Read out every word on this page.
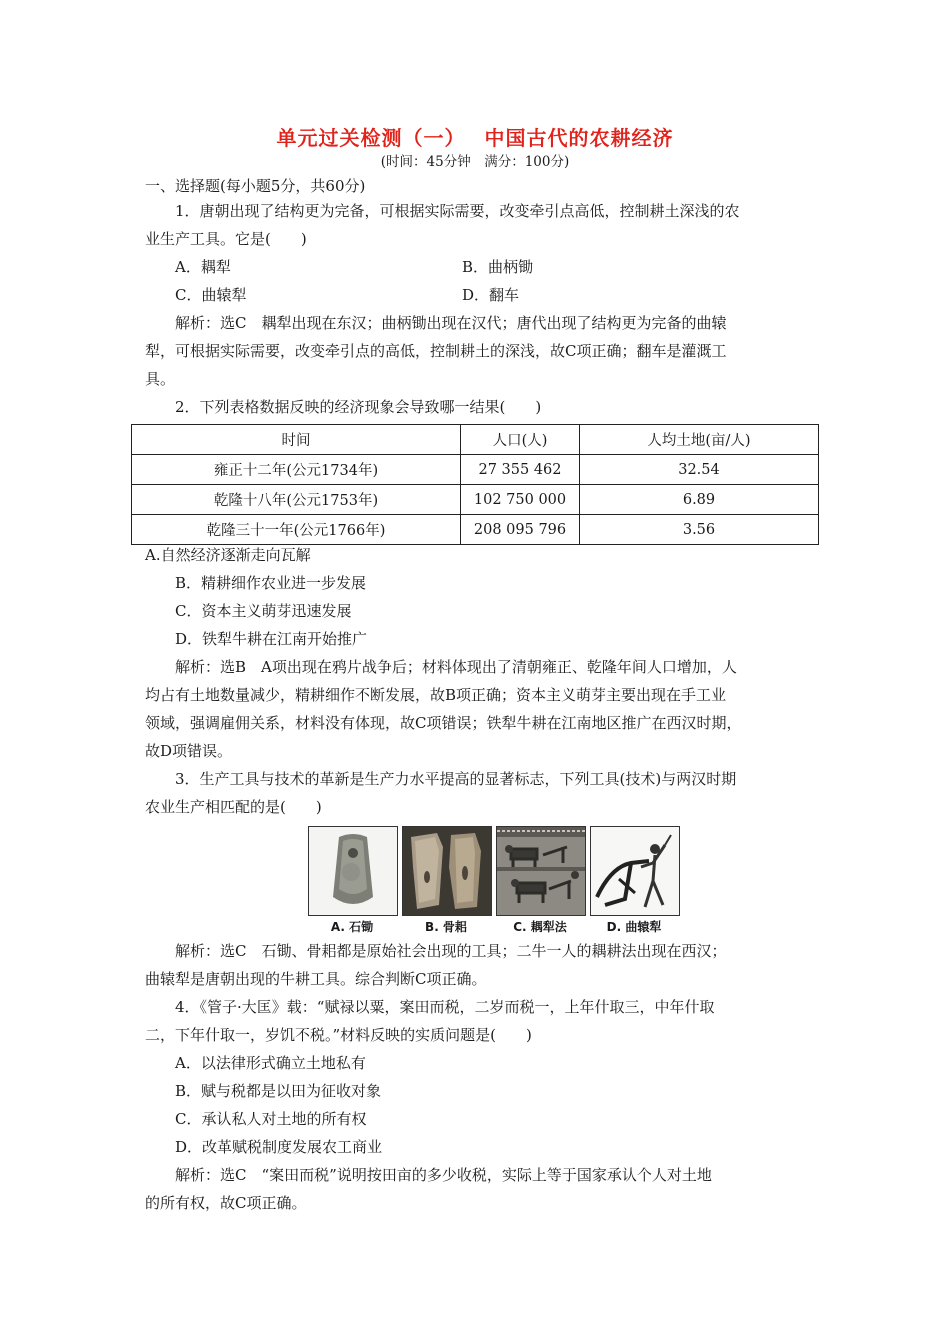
单元过关检测（一）　 中国古代的农耕经济
(时间：45分钟　满分：100分)
一、选择题(每小题5分，共60分)
1．唐朝出现了结构更为完备，可根据实际需要，改变牵引点高低，控制耕土深浅的农
业生产工具。它是(　　)
A．耦犁	B．曲柄锄
C．曲辕犁	D．翻车
解析：选C　耦犁出现在东汉；曲柄锄出现在汉代；唐代出现了结构更为完备的曲辕
犁，可根据实际需要，改变牵引点的高低，控制耕土的深浅，故C项正确；翻车是灌溉工
具。
2．下列表格数据反映的经济现象会导致哪一结果(　　)
时间	人口(人)	人均土地(亩/人)
雍正十二年(公元1734年)	27 355 462	32.54
乾隆十八年(公元1753年)	102 750 000	6.89
乾隆三十一年(公元1766年)	208 095 796	3.56
A.自然经济逐渐走向瓦解
B．精耕细作农业进一步发展
C．资本主义萌芽迅速发展
D．铁犁牛耕在江南开始推广
解析：选B　A项出现在鸦片战争后；材料体现出了清朝雍正、乾隆年间人口增加，人
均占有土地数量减少，精耕细作不断发展，故B项正确；资本主义萌芽主要出现在手工业
领域，强调雇佣关系，材料没有体现，故C项错误；铁犁牛耕在江南地区推广在西汉时期，
故D项错误。
3．生产工具与技术的革新是生产力水平提高的显著标志，下列工具(技术)与两汉时期
农业生产相匹配的是(　　)
A. 石锄	B. 骨耜	C. 耦犁法	D. 曲辕犁
解析：选C　石锄、骨耜都是原始社会出现的工具；二牛一人的耦耕法出现在西汉；
曲辕犁是唐朝出现的牛耕工具。综合判断C项正确。
4．《管子·大匡》载：“赋禄以粟，案田而税，二岁而税一，上年什取三，中年什取
二，下年什取一，岁饥不税。”材料反映的实质问题是(　　)
A．以法律形式确立土地私有
B．赋与税都是以田为征收对象
C．承认私人对土地的所有权
D．改革赋税制度发展农工商业
解析：选C　“案田而税”说明按田亩的多少收税，实际上等于国家承认个人对土地
的所有权，故C项正确。
